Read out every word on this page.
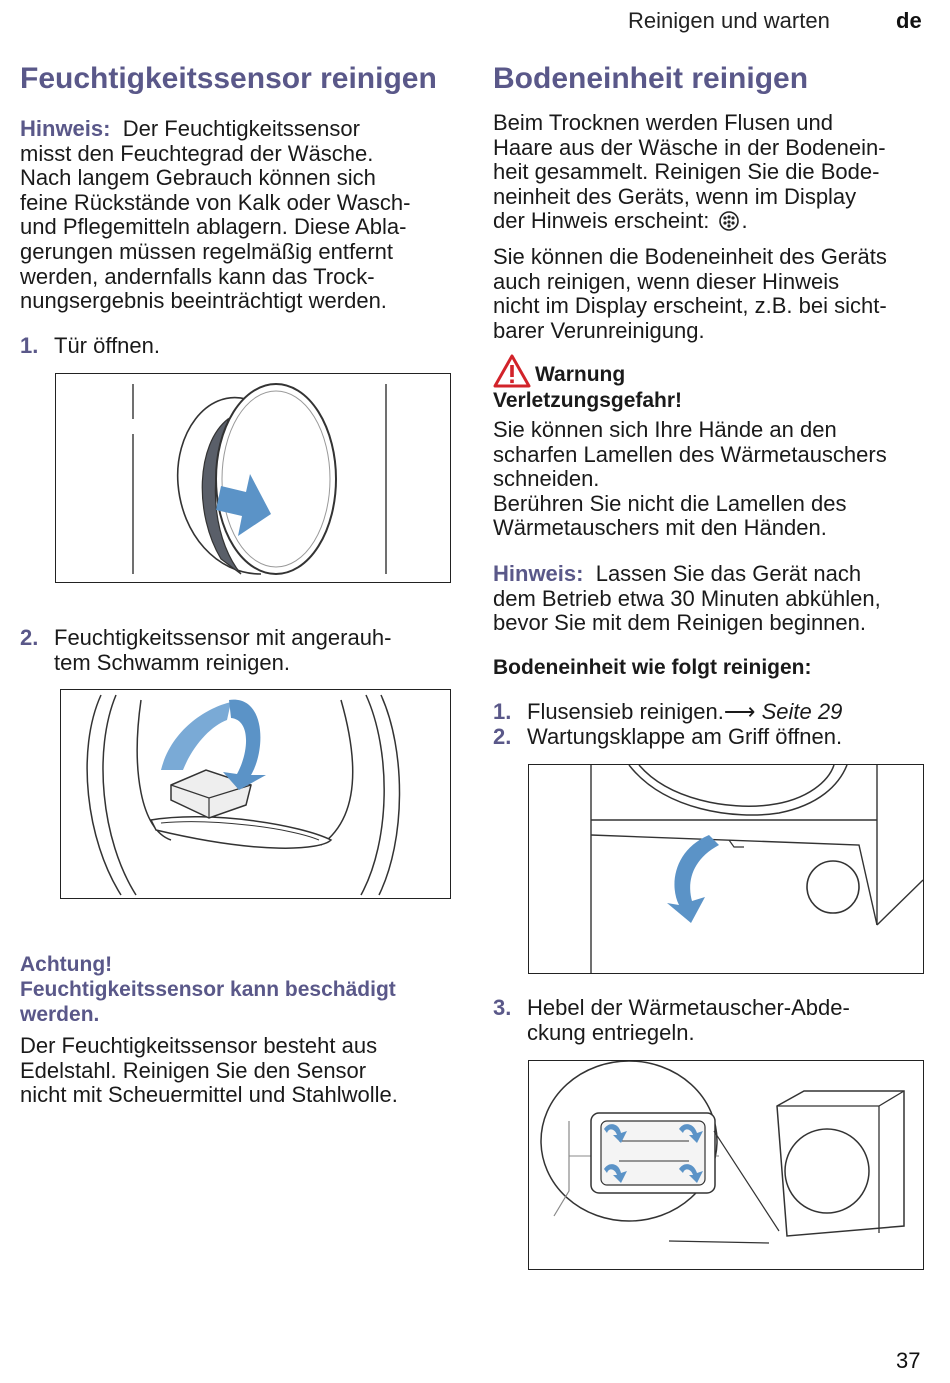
Reinigen und warten	de
Feuchtigkeitssensor reinigen
Hinweis: Der Feuchtigkeitssensor
misst den Feuchtegrad der Wäsche.
Nach langem Gebrauch können sich
feine Rückstände von Kalk oder Wasch-
und Pflegemitteln ablagern. Diese Abla-
gerungen müssen regelmäßig entfernt
werden, andernfalls kann das Trock-
nungsergebnis beeinträchtigt werden.
1. Tür öffnen.
2. Feuchtigkeitssensor mit angerauh-
tem Schwamm reinigen.
Achtung!
Feuchtigkeitssensor kann beschädigt
werden.
Der Feuchtigkeitssensor besteht aus
Edelstahl. Reinigen Sie den Sensor
nicht mit Scheuermittel und Stahlwolle.
Bodeneinheit reinigen
Beim Trocknen werden Flusen und
Haare aus der Wäsche in der Bodenein-
heit gesammelt. Reinigen Sie die Bode-
neinheit des Geräts, wenn im Display
der Hinweis erscheint: .
Sie können die Bodeneinheit des Geräts
auch reinigen, wenn dieser Hinweis
nicht im Display erscheint, z.B. bei sicht-
barer Verunreinigung.
Warnung
Verletzungsgefahr!
Sie können sich Ihre Hände an den
scharfen Lamellen des Wärmetauschers
schneiden.
Berühren Sie nicht die Lamellen des
Wärmetauschers mit den Händen.
Hinweis: Lassen Sie das Gerät nach
dem Betrieb etwa 30 Minuten abkühlen,
bevor Sie mit dem Reinigen beginnen.
Bodeneinheit wie folgt reinigen:
1. Flusensieb reinigen.⟶ Seite 29
2. Wartungsklappe am Griff öffnen.
3. Hebel der Wärmetauscher-Abde-
ckung entriegeln.
37
